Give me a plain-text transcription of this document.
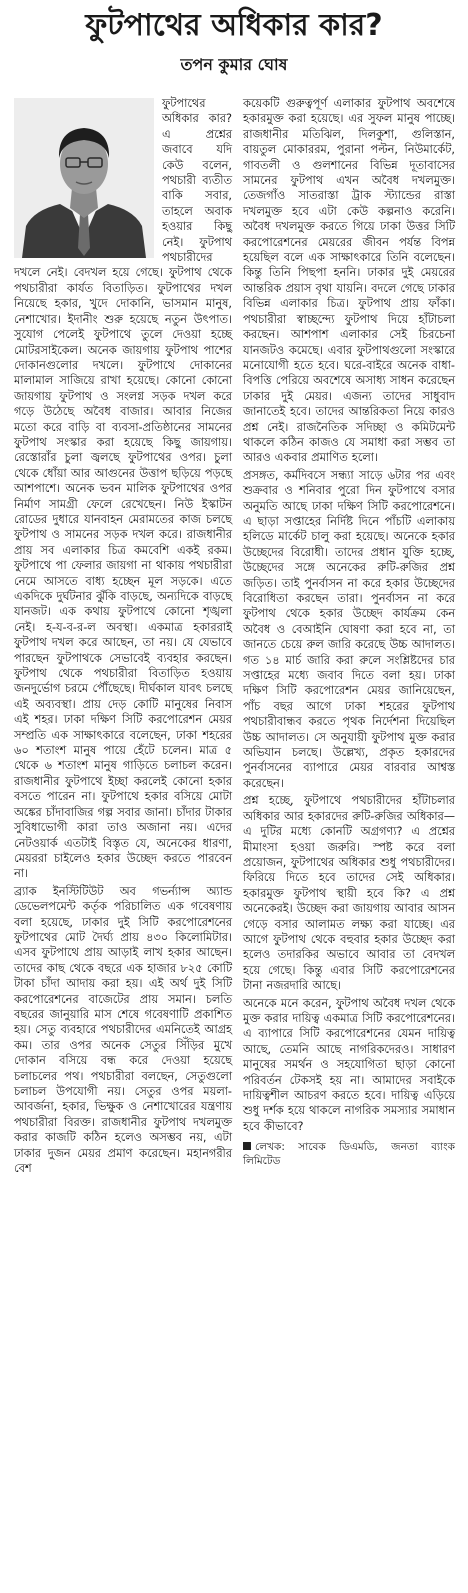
ফুটপাথের অধিকার কার?
তপন কুমার ঘোষ

ফুটপাথের অধিকার কার? এ প্রশ্নের জবাবে যদি কেউ বলেন, পথচারী ব্যতীত বাকি সবার, তাহলে অবাক হওয়ার কিছু নেই। ফুটপাথ পথচারীদের দখলে নেই। বেদখল হয়ে গেছে। ফুটপাথ থেকে পথচারীরা কার্যত বিতাড়িত। ফুটপাথের দখল নিয়েছে হকার, খুদে দোকানি, ভাসমান মানুষ, নেশাখোর। ইদানীং শুরু হয়েছে নতুন উৎপাত। সুযোগ পেলেই ফুটপাথে তুলে দেওয়া হচ্ছে মোটরসাইকেল। অনেক জায়গায় ফুটপাথ পাশের দোকানগুলোর দখলে। ফুটপাথে দোকানের মালামাল সাজিয়ে রাখা হয়েছে। কোনো কোনো জায়গায় ফুটপাথ ও সংলগ্ন সড়ক দখল করে গড়ে উঠেছে অবৈধ বাজার। আবার নিজের মতো করে বাড়ি বা ব্যবসা-প্রতিষ্ঠানের সামনের ফুটপাথ সংস্কার করা হয়েছে কিছু জায়গায়। রেস্তোরাঁর চুলা জ্বলছে ফুটপাথের ওপর। চুলা থেকে ধোঁয়া আর আগুনের উত্তাপ ছড়িয়ে পড়ছে আশপাশে। অনেক ভবন মালিক ফুটপাথের ওপর নির্মাণ সামগ্রী ফেলে রেখেছেন। নিউ ইস্কাটন রোডের দুধারে যানবাহন মেরামতের কাজ চলছে ফুটপাথ ও সামনের সড়ক দখল করে। রাজধানীর প্রায় সব এলাকার চিত্র কমবেশি একই রকম। ফুটপাথে পা ফেলার জায়গা না থাকায় পথচারীরা নেমে আসতে বাধ্য হচ্ছেন মূল সড়কে। এতে একদিকে দুর্ঘটনার ঝুঁকি বাড়ছে, অন্যদিকে বাড়ছে যানজট। এক কথায় ফুটপাথে কোনো শৃঙ্খলা নেই। হ-য-ব-র-ল অবস্থা। একমাত্র হকাররাই ফুটপাথ দখল করে আছেন, তা নয়। যে যেভাবে পারছেন ফুটপাথকে সেভাবেই ব্যবহার করছেন। ফুটপাথ থেকে পথচারীরা বিতাড়িত হওয়ায় জনদুর্ভোগ চরমে পৌঁছেছে। দীর্ঘকাল যাবৎ চলছে এই অব্যবস্থা। প্রায় দেড় কোটি মানুষের নিবাস এই শহর। ঢাকা দক্ষিণ সিটি করপোরেশন মেয়র সম্প্রতি এক সাক্ষাৎকারে বলেছেন, ঢাকা শহরের ৬০ শতাংশ মানুষ পায়ে হেঁটে চলেন। মাত্র ৫ থেকে ৬ শতাংশ মানুষ গাড়িতে চলাচল করেন। রাজধানীর ফুটপাথে ইচ্ছা করলেই কোনো হকার বসতে পারেন না। ফুটপাথে হকার বসিয়ে মোটা অঙ্কের চাঁদাবাজির গল্প সবার জানা। চাঁদার টাকার সুবিধাভোগী কারা তাও অজানা নয়। এদের নেটওয়ার্ক এতটাই বিস্তৃত যে, অনেকের ধারণা, মেয়ররা চাইলেও হকার উচ্ছেদ করতে পারবেন না।

ব্র্যাক ইনস্টিটিউট অব গভর্ন্যান্স অ্যান্ড ডেভেলপমেন্ট কর্তৃক পরিচালিত এক গবেষণায় বলা হয়েছে, ঢাকার দুই সিটি করপোরেশনের ফুটপাথের মোট দৈর্ঘ্য প্রায় ৪৩০ কিলোমিটার। এসব ফুটপাথে প্রায় আড়াই লাখ হকার আছেন। তাদের কাছ থেকে বছরে এক হাজার ৮২৫ কোটি টাকা চাঁদা আদায় করা হয়। এই অর্থ দুই সিটি করপোরেশনের বাজেটের প্রায় সমান। চলতি বছরের জানুয়ারি মাস শেষে গবেষণাটি প্রকাশিত হয়। সেতু ব্যবহারে পথচারীদের এমনিতেই আগ্রহ কম। তার ওপর অনেক সেতুর সিঁড়ির মুখে দোকান বসিয়ে বন্ধ করে দেওয়া হয়েছে চলাচলের পথ। পথচারীরা বলছেন, সেতুগুলো চলাচল উপযোগী নয়। সেতুর ওপর ময়লা-আবর্জনা, হকার, ভিক্ষুক ও নেশাখোরের যন্ত্রণায় পথচারীরা বিরক্ত। রাজধানীর ফুটপাথ দখলমুক্ত করার কাজটি কঠিন হলেও অসম্ভব নয়, এটা ঢাকার দুজন মেয়র প্রমাণ করেছেন। মহানগরীর বেশ

কয়েকটি গুরুত্বপূর্ণ এলাকার ফুটপাথ অবশেষে হকারমুক্ত করা হয়েছে। এর সুফল মানুষ পাচ্ছে। রাজধানীর মতিঝিল, দিলকুশা, গুলিস্তান, বায়তুল মোকাররম, পুরানা পল্টন, নিউমার্কেট, গাবতলী ও গুলশানের বিভিন্ন দূতাবাসের সামনের ফুটপাথ এখন অবৈধ দখলমুক্ত। তেজগাঁও সাতরাস্তা ট্রাক স্ট্যান্ডের রাস্তা দখলমুক্ত হবে এটা কেউ কল্পনাও করেনি। অবৈধ দখলমুক্ত করতে গিয়ে ঢাকা উত্তর সিটি করপোরেশনের মেয়রের জীবন পর্যন্ত বিপন্ন হয়েছিল বলে এক সাক্ষাৎকারে তিনি বলেছেন। কিন্তু তিনি পিছপা হননি। ঢাকার দুই মেয়রের আন্তরিক প্রয়াস বৃথা যায়নি। বদলে গেছে ঢাকার বিভিন্ন এলাকার চিত্র। ফুটপাথ প্রায় ফাঁকা। পথচারীরা স্বাচ্ছন্দ্যে ফুটপাথ দিয়ে হাঁটাচলা করছেন। আশপাশ এলাকার সেই চিরচেনা যানজটও কমেছে। এবার ফুটপাথগুলো সংস্কারে মনোযোগী হতে হবে। ঘরে-বাইরে অনেক বাধা-বিপত্তি পেরিয়ে অবশেষে অসাধ্য সাধন করেছেন ঢাকার দুই মেয়র। এজন্য তাদের সাধুবাদ জানাতেই হবে। তাদের আন্তরিকতা নিয়ে কারও প্রশ্ন নেই। রাজনৈতিক সদিচ্ছা ও কমিটমেন্ট থাকলে কঠিন কাজও যে সমাধা করা সম্ভব তা আরও একবার প্রমাণিত হলো।

প্রসঙ্গত, কর্মদিবসে সন্ধ্যা সাড়ে ৬টার পর এবং শুক্রবার ও শনিবার পুরো দিন ফুটপাথে বসার অনুমতি আছে ঢাকা দক্ষিণ সিটি করপোরেশনে। এ ছাড়া সপ্তাহের নির্দিষ্ট দিনে পাঁচটি এলাকায় হলিডে মার্কেট চালু করা হয়েছে। অনেকে হকার উচ্ছেদের বিরোধী। তাদের প্রধান যুক্তি হচ্ছে, উচ্ছেদের সঙ্গে অনেকের রুটি-রুজির প্রশ্ন জড়িত। তাই পুনর্বাসন না করে হকার উচ্ছেদের বিরোধিতা করছেন তারা। পুনর্বাসন না করে ফুটপাথ থেকে হকার উচ্ছেদ কার্যক্রম কেন অবৈধ ও বেআইনি ঘোষণা করা হবে না, তা জানতে চেয়ে রুল জারি করেছে উচ্চ আদালত। গত ১৪ মার্চ জারি করা রুলে সংশ্লিষ্টদের চার সপ্তাহের মধ্যে জবাব দিতে বলা হয়। ঢাকা দক্ষিণ সিটি করপোরেশন মেয়র জানিয়েছেন, পাঁচ বছর আগে ঢাকা শহরের ফুটপাথ পথচারীবান্ধব করতে পৃথক নির্দেশনা দিয়েছিল উচ্চ আদালত। সে অনুযায়ী ফুটপাথ মুক্ত করার অভিযান চলছে। উল্লেখ্য, প্রকৃত হকারদের পুনর্বাসনের ব্যাপারে মেয়র বারবার আশ্বস্ত করেছেন।

প্রশ্ন হচ্ছে, ফুটপাথে পথচারীদের হাঁটাচলার অধিকার আর হকারদের রুটি-রুজির অধিকার— এ দুটির মধ্যে কোনটি অগ্রগণ্য? এ প্রশ্নের মীমাংসা হওয়া জরুরি। স্পষ্ট করে বলা প্রয়োজন, ফুটপাথের অধিকার শুধু পথচারীদের। ফিরিয়ে দিতে হবে তাদের সেই অধিকার। হকারমুক্ত ফুটপাথ স্থায়ী হবে কি? এ প্রশ্ন অনেকেরই। উচ্ছেদ করা জায়গায় আবার আসন গেড়ে বসার আলামত লক্ষ্য করা যাচ্ছে। এর আগে ফুটপাথ থেকে বহুবার হকার উচ্ছেদ করা হলেও তদারকির অভাবে আবার তা বেদখল হয়ে গেছে। কিন্তু এবার সিটি করপোরেশনের টানা নজরদারি আছে।

অনেকে মনে করেন, ফুটপাথ অবৈধ দখল থেকে মুক্ত করার দায়িত্ব একমাত্র সিটি করপোরেশনের। এ ব্যাপারে সিটি করপোরেশনের যেমন দায়িত্ব আছে, তেমনি আছে নাগরিকদেরও। সাধারণ মানুষের সমর্থন ও সহযোগিতা ছাড়া কোনো পরিবর্তন টেকসই হয় না। আমাদের সবাইকে দায়িত্বশীল আচরণ করতে হবে। দায়িত্ব এড়িয়ে শুধু দর্শক হয়ে থাকলে নাগরিক সমস্যার সমাধান হবে কীভাবে?

লেখক: সাবেক ডিএমডি, জনতা ব্যাংক লিমিটেড
